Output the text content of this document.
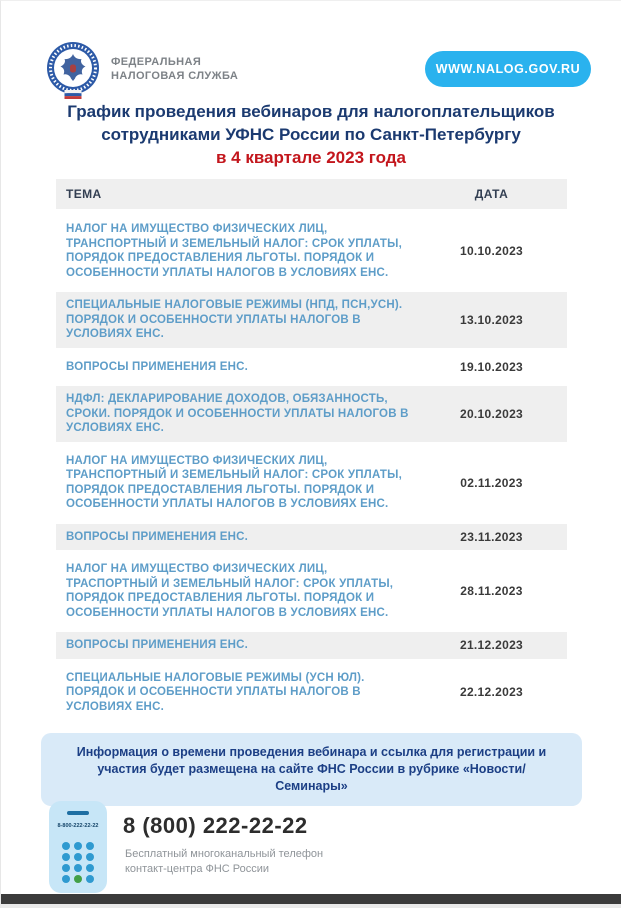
ФЕДЕРАЛЬНАЯ
НАЛОГОВАЯ СЛУЖБА	WWW.NALOG.GOV.RU
График проведения вебинаров для налогоплательщиков
сотрудниками УФНС России по Санкт-Петербургу
в 4 квартале 2023 года
ТЕМА	ДАТА
НАЛОГ НА ИМУЩЕСТВО ФИЗИЧЕСКИХ ЛИЦ, ТРАНСПОРТНЫЙ И ЗЕМЕЛЬНЫЙ НАЛОГ: СРОК УПЛАТЫ, ПОРЯДОК ПРЕДОСТАВЛЕНИЯ ЛЬГОТЫ. ПОРЯДОК И ОСОБЕННОСТИ УПЛАТЫ НАЛОГОВ В УСЛОВИЯХ ЕНС.
10.10.2023
СПЕЦИАЛЬНЫЕ НАЛОГОВЫЕ РЕЖИМЫ (НПД, ПСН,УСН). ПОРЯДОК И ОСОБЕННОСТИ УПЛАТЫ НАЛОГОВ В УСЛОВИЯХ ЕНС.
13.10.2023
ВОПРОСЫ ПРИМЕНЕНИЯ ЕНС.	19.10.2023
НДФЛ: ДЕКЛАРИРОВАНИЕ ДОХОДОВ, ОБЯЗАННОСТЬ, СРОКИ. ПОРЯДОК И ОСОБЕННОСТИ УПЛАТЫ НАЛОГОВ В УСЛОВИЯХ ЕНС.
20.10.2023
НАЛОГ НА ИМУЩЕСТВО ФИЗИЧЕСКИХ ЛИЦ, ТРАНСПОРТНЫЙ И ЗЕМЕЛЬНЫЙ НАЛОГ: СРОК УПЛАТЫ, ПОРЯДОК ПРЕДОСТАВЛЕНИЯ ЛЬГОТЫ. ПОРЯДОК И ОСОБЕННОСТИ УПЛАТЫ НАЛОГОВ В УСЛОВИЯХ ЕНС.
02.11.2023
ВОПРОСЫ ПРИМЕНЕНИЯ ЕНС.	23.11.2023
НАЛОГ НА ИМУЩЕСТВО ФИЗИЧЕСКИХ ЛИЦ, ТРАСПОРТНЫЙ И ЗЕМЕЛЬНЫЙ НАЛОГ: СРОК УПЛАТЫ, ПОРЯДОК ПРЕДОСТАВЛЕНИЯ ЛЬГОТЫ. ПОРЯДОК И ОСОБЕННОСТИ УПЛАТЫ НАЛОГОВ В УСЛОВИЯХ ЕНС.
28.11.2023
ВОПРОСЫ ПРИМЕНЕНИЯ ЕНС.	21.12.2023
СПЕЦИАЛЬНЫЕ НАЛОГОВЫЕ РЕЖИМЫ (УСН ЮЛ). ПОРЯДОК И ОСОБЕННОСТИ УПЛАТЫ НАЛОГОВ В УСЛОВИЯХ ЕНС.
22.12.2023
Информация о времени проведения вебинара и ссылка для регистрации и участия будет размещена на сайте ФНС России в рубрике «Новости/Семинары»
8-800-222-22-22	8 (800) 222-22-22
Бесплатный многоканальный телефон
контакт-центра ФНС России
